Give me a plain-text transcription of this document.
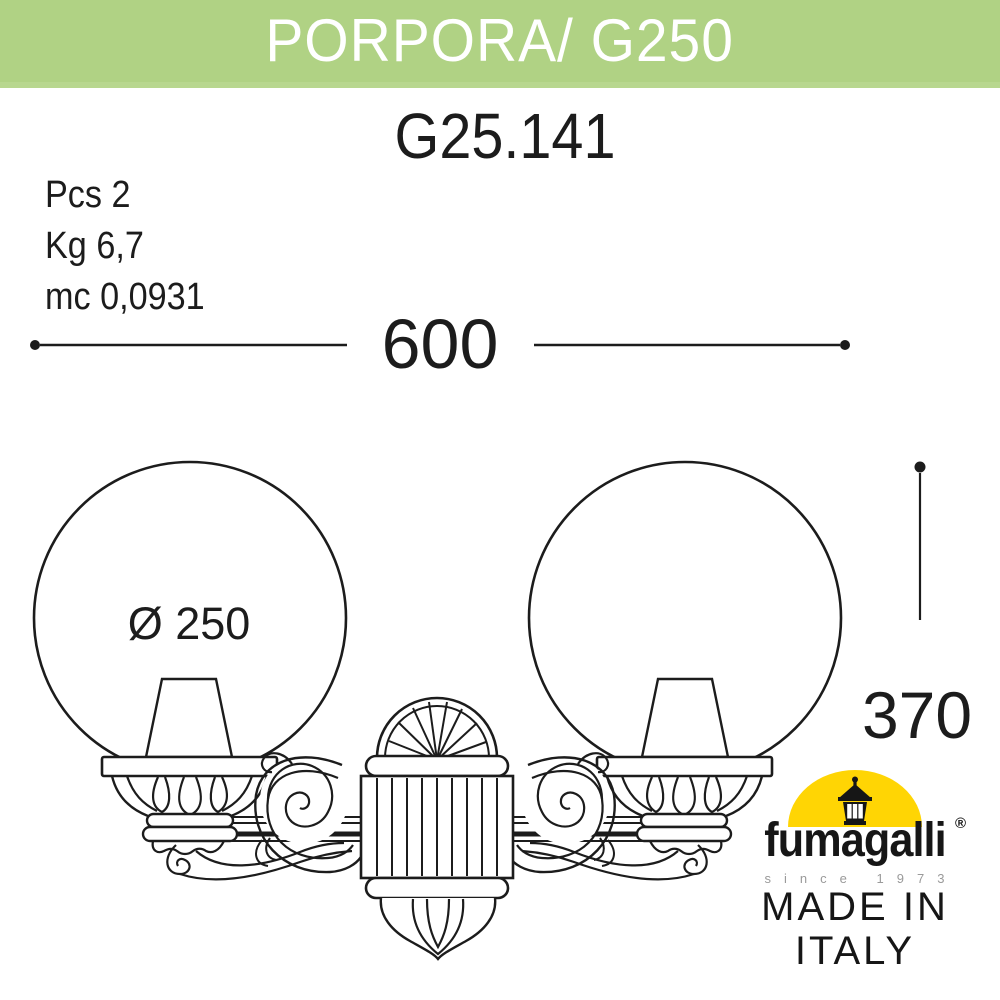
PORPORA/ G250
G25.141
Pcs 2
Kg 6,7
mc 0,0931
600
370
Ø 250
fumagalli ®
since 1973
MADE IN
ITALY
